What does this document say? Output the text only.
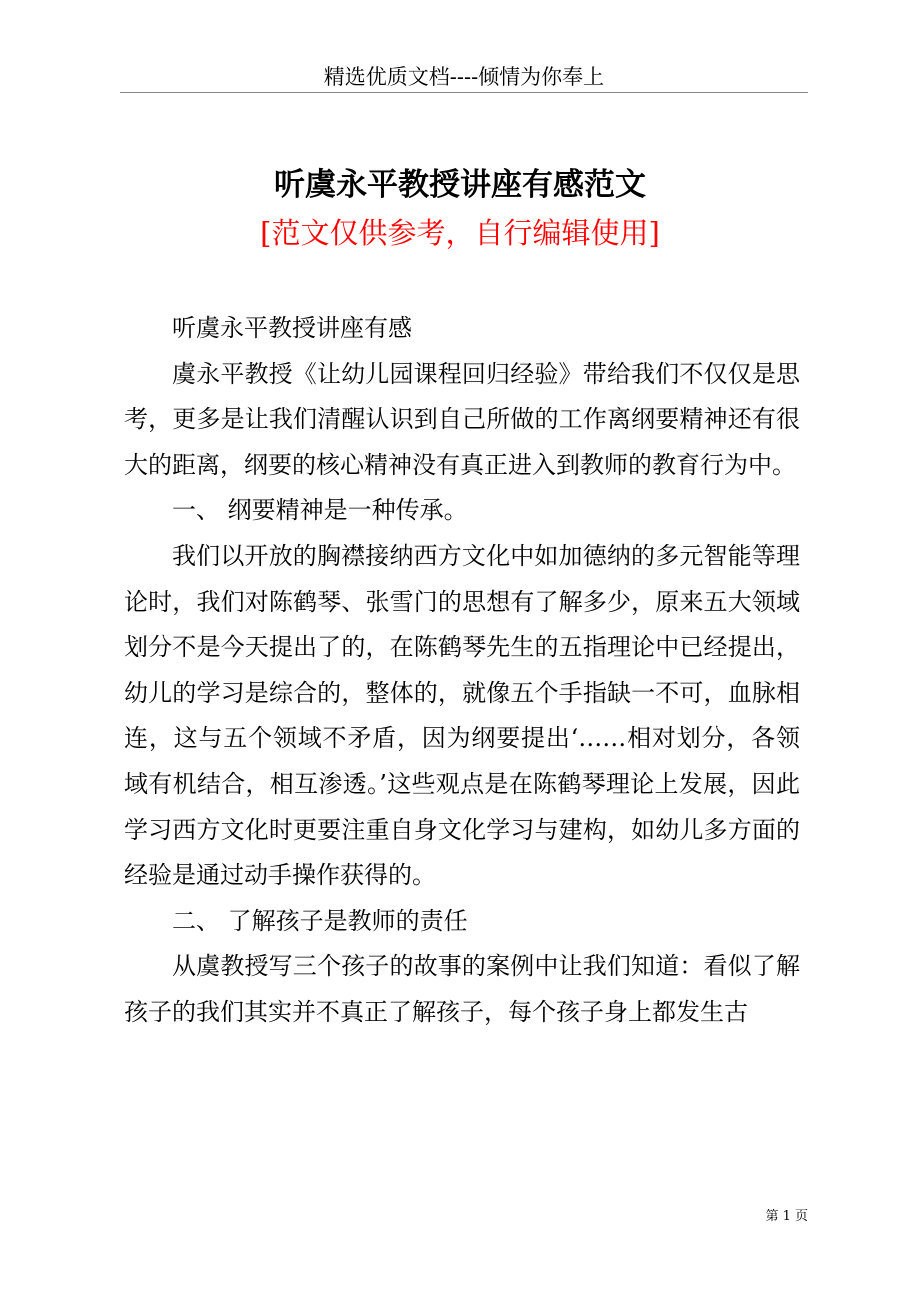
精选优质文档----倾情为你奉上
听虞永平教授讲座有感范文
[范文仅供参考，自行编辑使用]

听虞永平教授讲座有感

虞永平教授《让幼儿园课程回归经验》带给我们不仅仅是思考，更多是让我们清醒认识到自己所做的工作离纲要精神还有很大的距离，纲要的核心精神没有真正进入到教师的教育行为中。

一、 纲要精神是一种传承。

我们以开放的胸襟接纳西方文化中如加德纳的多元智能等理论时，我们对陈鹤琴、张雪门的思想有了解多少，原来五大领域划分不是今天提出了的，在陈鹤琴先生的五指理论中已经提出，幼儿的学习是综合的，整体的，就像五个手指缺一不可，血脉相连，这与五个领域不矛盾，因为纲要提出‘……相对划分，各领域有机结合，相互渗透。’这些观点是在陈鹤琴理论上发展，因此学习西方文化时更要注重自身文化学习与建构，如幼儿多方面的经验是通过动手操作获得的。

二、 了解孩子是教师的责任

从虞教授写三个孩子的故事的案例中让我们知道：看似了解孩子的我们其实并不真正了解孩子，每个孩子身上都发生古

第 1 页
